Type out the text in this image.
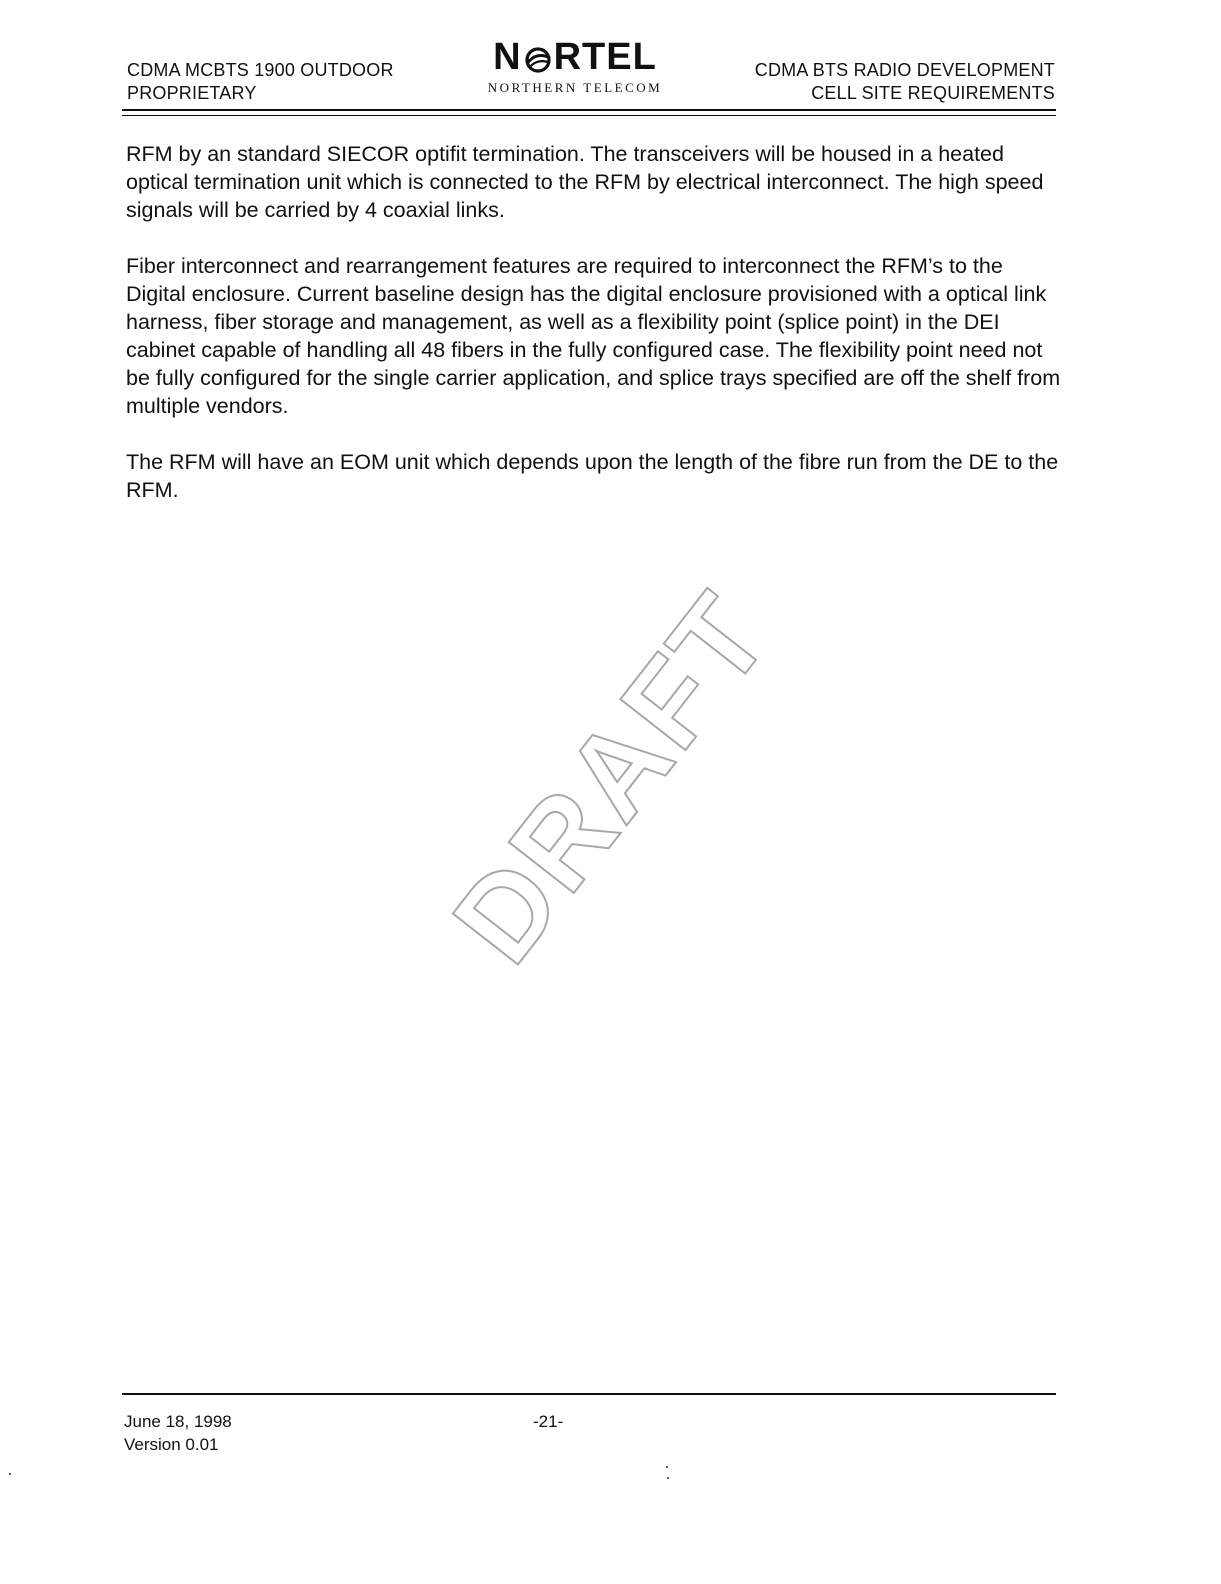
CDMA MCBTS 1900 OUTDOOR
PROPRIETARY
N RTEL
NORTHERN TELECOM
CDMA BTS RADIO DEVELOPMENT
CELL SITE REQUIREMENTS

RFM by an standard SIECOR optifit termination. The transceivers will be housed in a heated optical termination unit which is connected to the RFM by electrical interconnect. The high speed signals will be carried by 4 coaxial links.

Fiber interconnect and rearrangement features are required to interconnect the RFM’s to the Digital enclosure. Current baseline design has the digital enclosure provisioned with a optical link harness, fiber storage and management, as well as a flexibility point (splice point) in the DEI cabinet capable of handling all 48 fibers in the fully configured case. The flexibility point need not be fully configured for the single carrier application, and splice trays specified are off the shelf from multiple vendors.

The RFM will have an EOM unit which depends upon the length of the fibre run from the DE to the RFM.

DRAFT
June 18, 1998
Version 0.01
-21-
